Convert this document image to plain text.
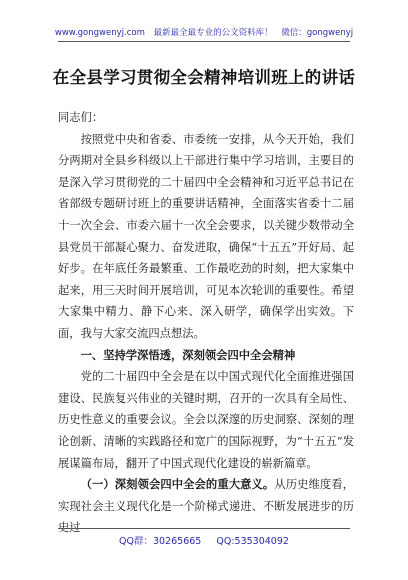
www.gongwenyj.com 最新最全最专业的公文资料库！ 微信：gongwenyj
在全县学习贯彻全会精神培训班上的讲话

同志们：

按照党中央和省委、市委统一安排，从今天开始，我们分两期对全县乡科级以上干部进行集中学习培训，主要目的是深入学习贯彻党的二十届四中全会精神和习近平总书记在省部级专题研讨班上的重要讲话精神，全面落实省委十二届十一次全会、市委六届十一次全会要求，以关键少数带动全县党员干部凝心聚力、奋发进取，确保“十五五”开好局、起好步。在年底任务最繁重、工作最吃劲的时刻，把大家集中起来，用三天时间开展培训，可见本次轮训的重要性。希望大家集中精力、静下心来、深入研学，确保学出实效。下面，我与大家交流四点想法。

一、坚持学深悟透，深刻领会四中全会精神

党的二十届四中全会是在以中国式现代化全面推进强国建设、民族复兴伟业的关键时期，召开的一次具有全局性、历史性意义的重要会议。全会以深邃的历史洞察、深刻的理论创新、清晰的实践路径和宽广的国际视野，为“十五五”发展谋篇布局，翻开了中国式现代化建设的崭新篇章。

（一）深刻领会四中全会的重大意义。从历史维度看，实现社会主义现代化是一个阶梯式递进、不断发展进步的历史过

QQ群：30265665 QQ:535304092
